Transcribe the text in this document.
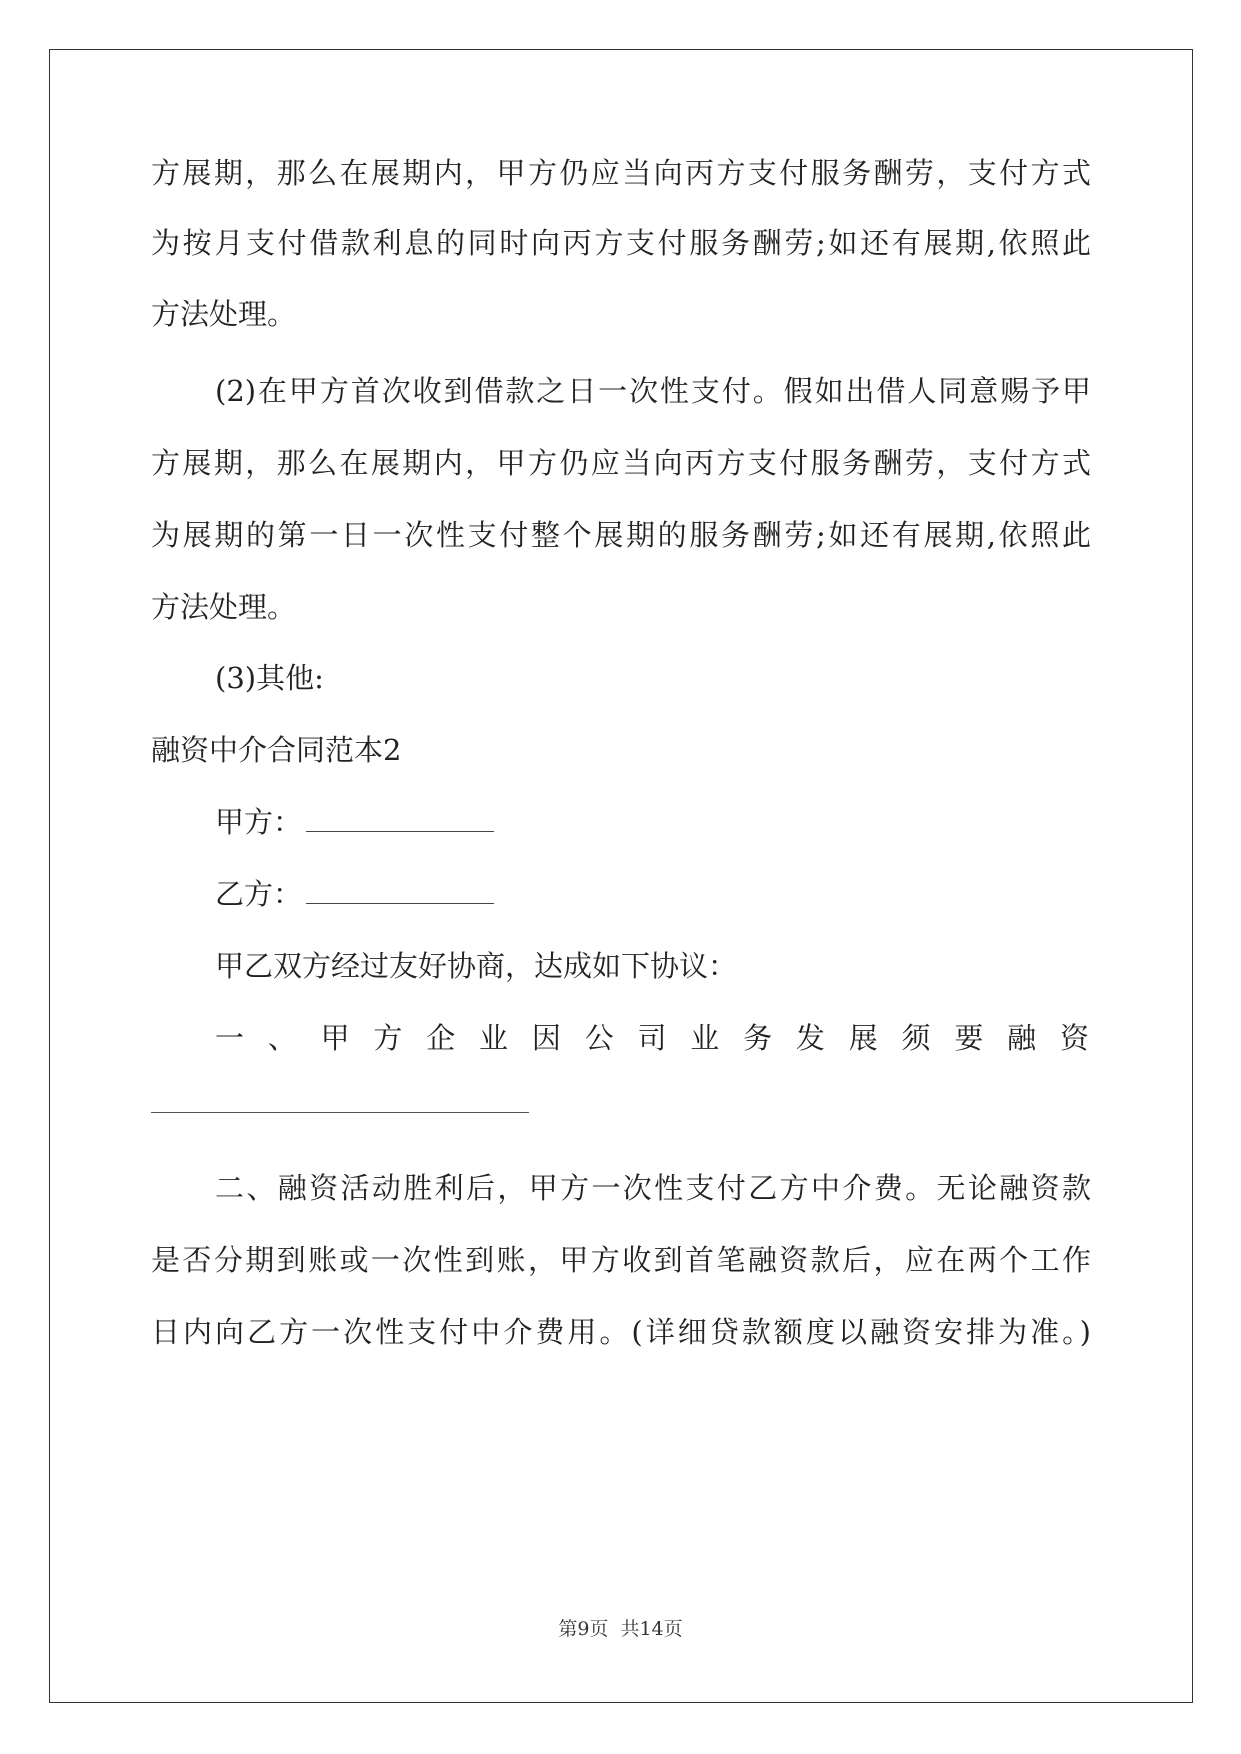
方展期，那么在展期内，甲方仍应当向丙方支付服务酬劳，支付方式
为按月支付借款利息的同时向丙方支付服务酬劳;如还有展期,依照此
方法处理。
(2)在甲方首次收到借款之日一次性支付。假如出借人同意赐予甲
方展期，那么在展期内，甲方仍应当向丙方支付服务酬劳，支付方式
为展期的第一日一次性支付整个展期的服务酬劳;如还有展期,依照此
方法处理。
(3)其他:
融资中介合同范本2
甲方：
乙方：
甲乙双方经过友好协商，达成如下协议：
一、甲方企业因公司业务发展须要融资
二、融资活动胜利后，甲方一次性支付乙方中介费。无论融资款
是否分期到账或一次性到账，甲方收到首笔融资款后，应在两个工作
日内向乙方一次性支付中介费用。(详细贷款额度以融资安排为准。)
第9页 共14页
